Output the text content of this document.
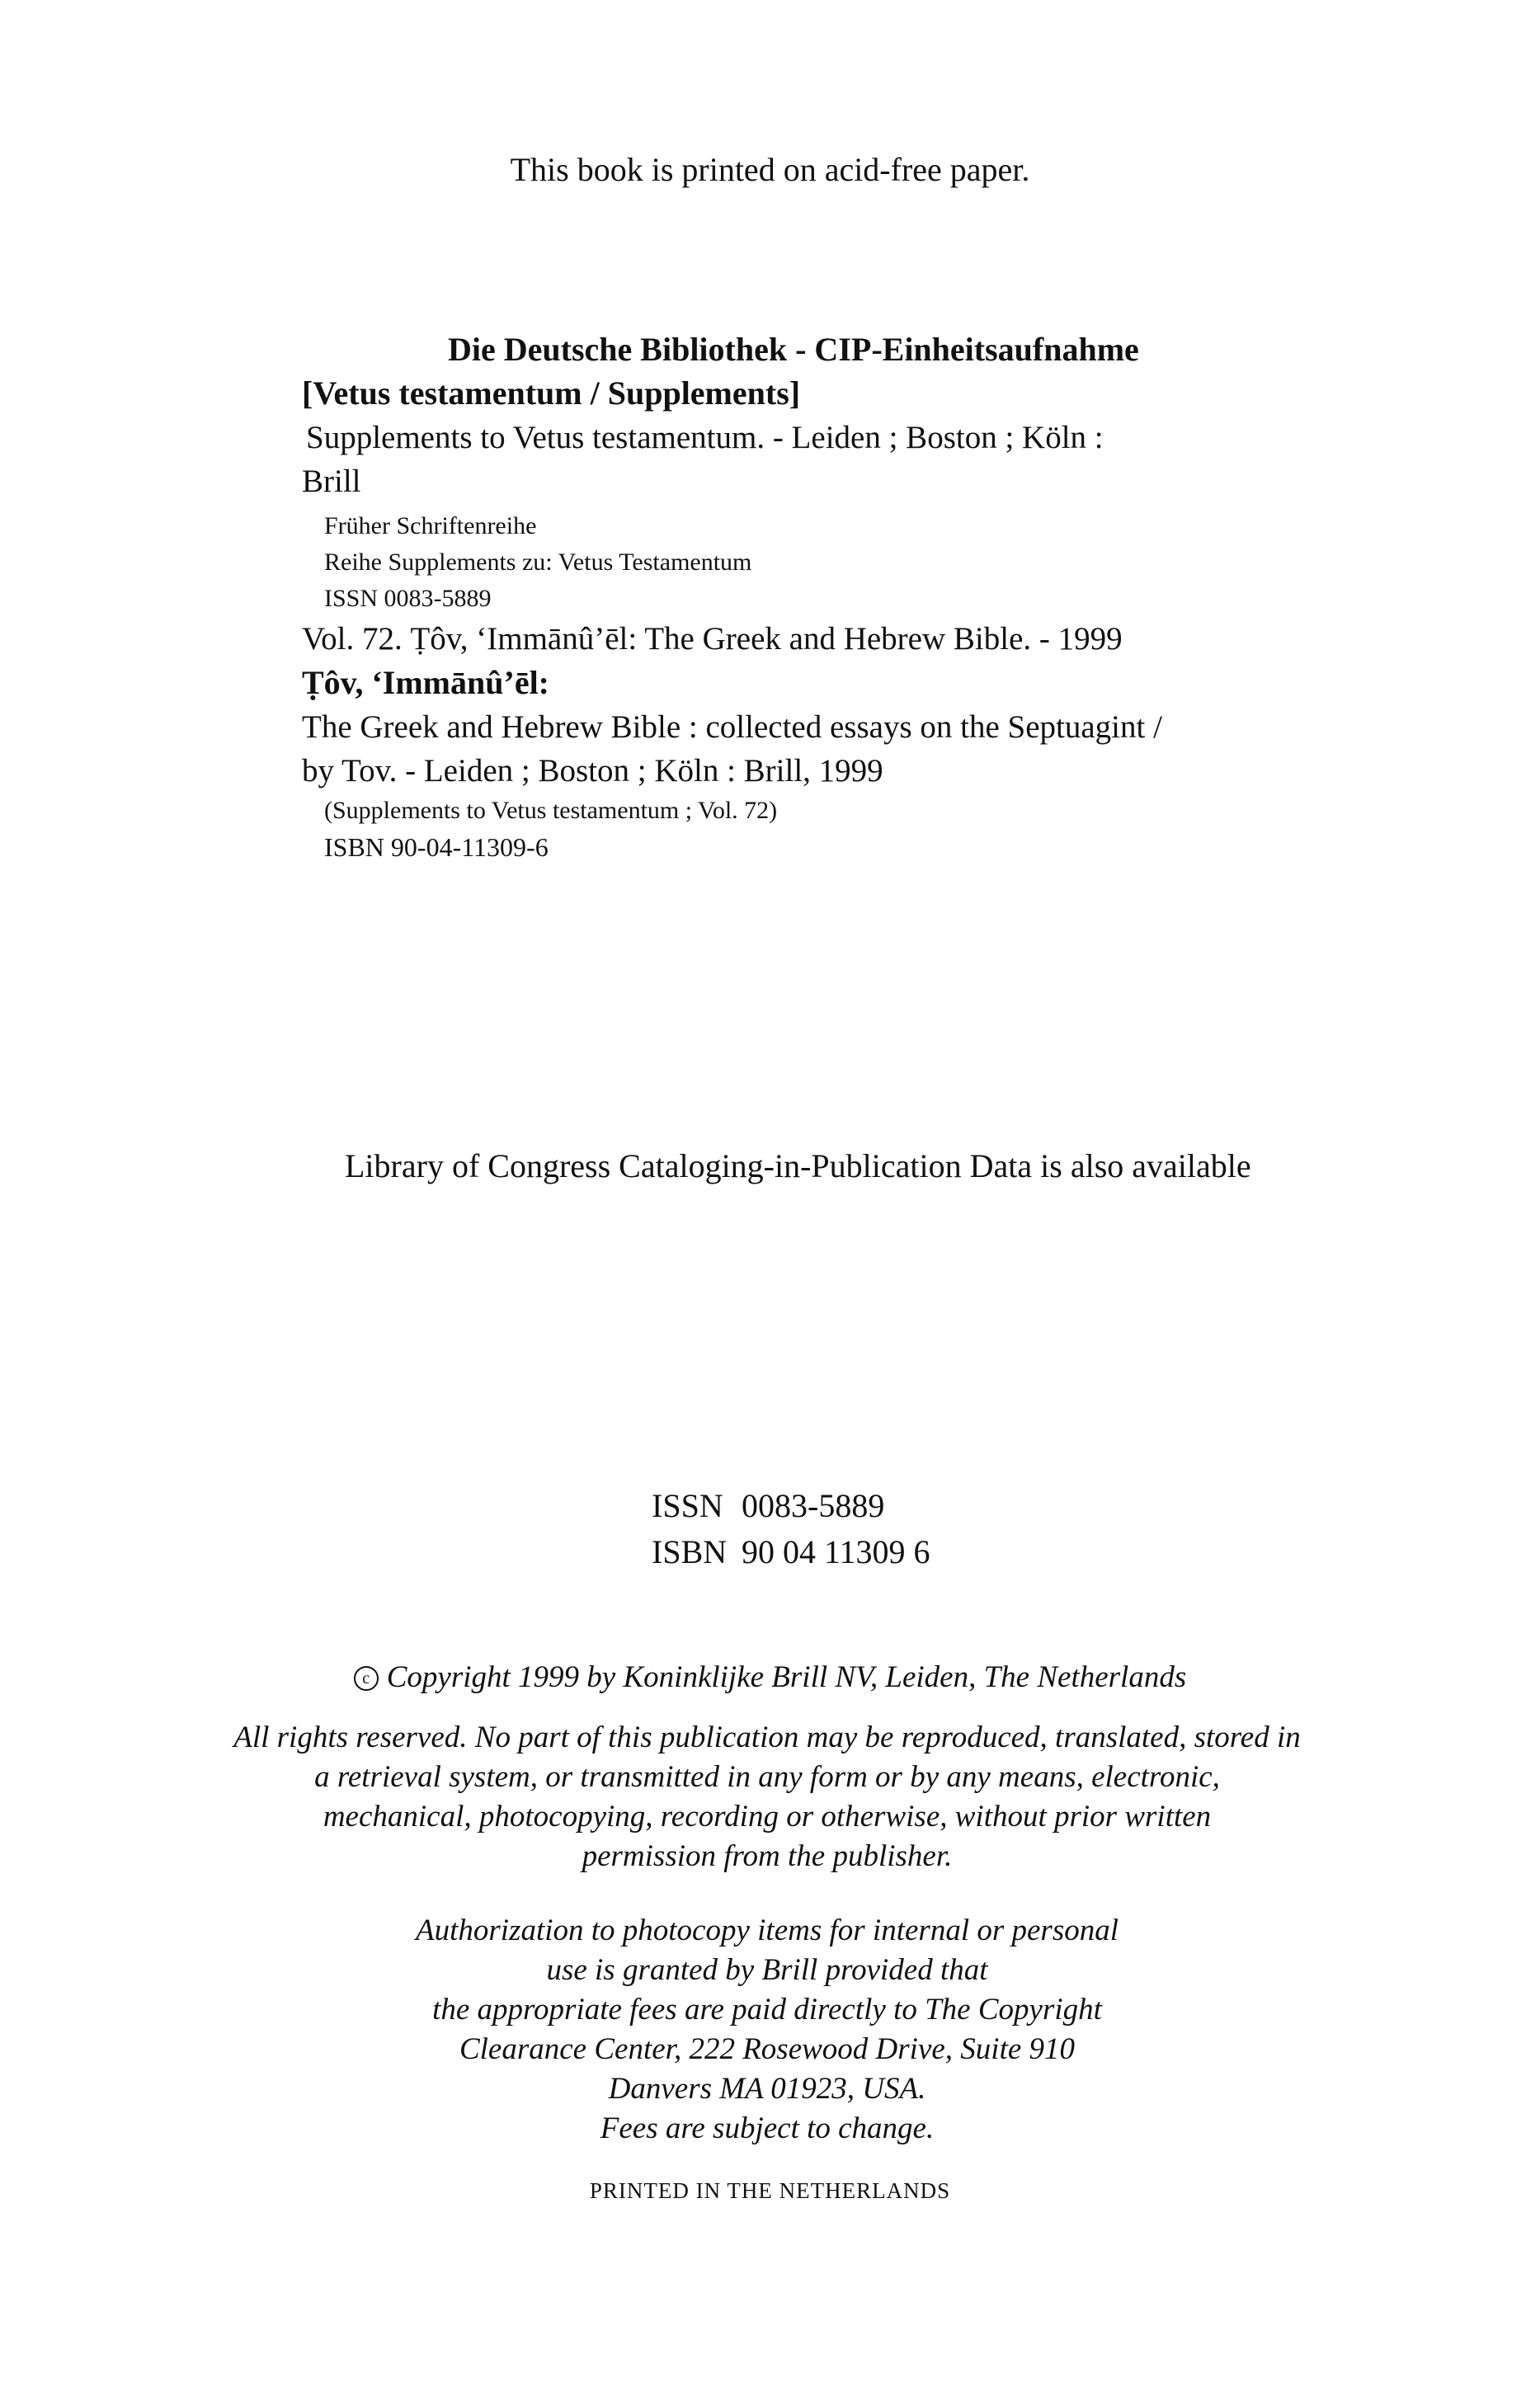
This book is printed on acid-free paper.
Die Deutsche Bibliothek - CIP-Einheitsaufnahme
[Vetus testamentum / Supplements]
Supplements to Vetus testamentum. - Leiden ; Boston ; Köln :
Brill
Früher Schriftenreihe
Reihe Supplements zu: Vetus Testamentum
ISSN 0083-5889
Vol. 72. Ṭôv, ‘Immānû’ēl: The Greek and Hebrew Bible. - 1999
Ṭôv, ‘Immānû’ēl:
The Greek and Hebrew Bible : collected essays on the Septuagint /
by Tov. - Leiden ; Boston ; Köln : Brill, 1999
(Supplements to Vetus testamentum ; Vol. 72)
ISBN 90-04-11309-6
Library of Congress Cataloging-in-Publication Data is also available
ISSN 0083-5889
ISBN 90 04 11309 6
c Copyright 1999 by Koninklijke Brill NV, Leiden, The Netherlands
All rights reserved. No part of this publication may be reproduced, translated, stored in
a retrieval system, or transmitted in any form or by any means, electronic,
mechanical, photocopying, recording or otherwise, without prior written
permission from the publisher.
Authorization to photocopy items for internal or personal
use is granted by Brill provided that
the appropriate fees are paid directly to The Copyright
Clearance Center, 222 Rosewood Drive, Suite 910
Danvers MA 01923, USA.
Fees are subject to change.
PRINTED IN THE NETHERLANDS
